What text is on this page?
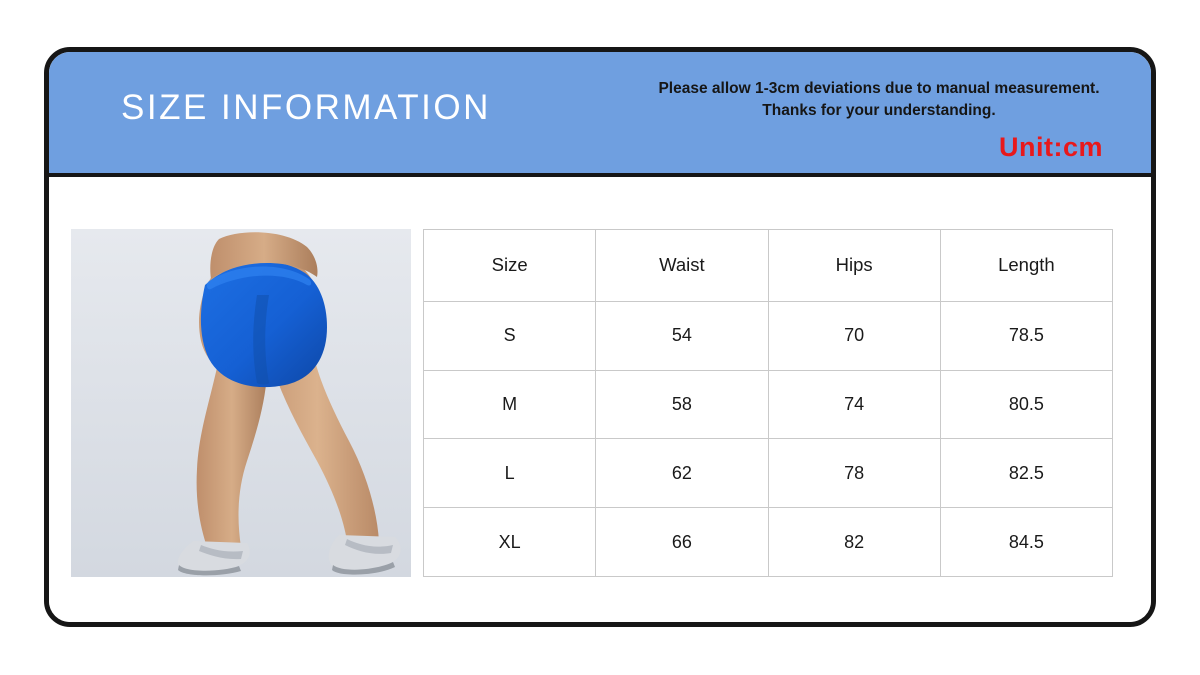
SIZE INFORMATION	Please allow 1-3cm deviations due to manual measurement.
Thanks for your understanding.
Unit:cm
Size	Waist	Hips	Length
S	54	70	78.5
M	58	74	80.5
L	62	78	82.5
XL	66	82	84.5
